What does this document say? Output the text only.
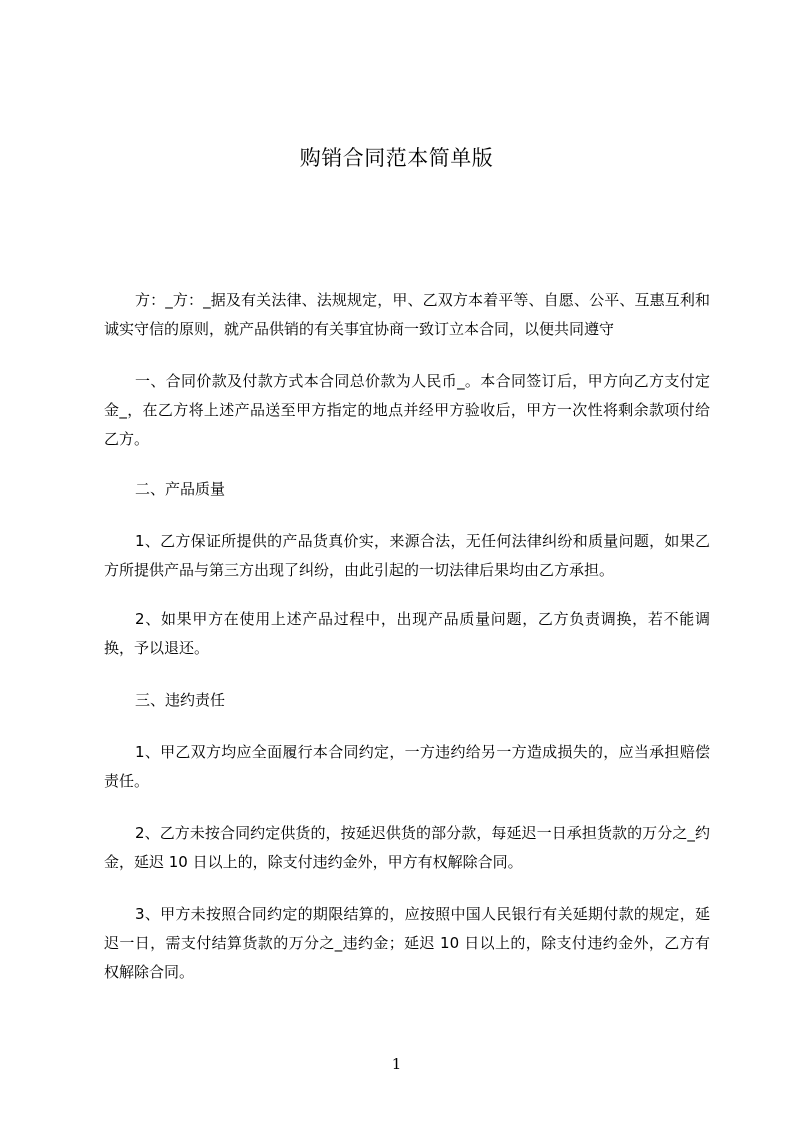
购销合同范本简单版

方：_方：_据及有关法律、法规规定，甲、乙双方本着平等、自愿、公平、互惠互利和诚实守信的原则，就产品供销的有关事宜协商一致订立本合同，以便共同遵守

一、合同价款及付款方式本合同总价款为人民币_。本合同签订后，甲方向乙方支付定金_，在乙方将上述产品送至甲方指定的地点并经甲方验收后，甲方一次性将剩余款项付给乙方。

二、产品质量

1、乙方保证所提供的产品货真价实，来源合法，无任何法律纠纷和质量问题，如果乙方所提供产品与第三方出现了纠纷，由此引起的一切法律后果均由乙方承担。

2、如果甲方在使用上述产品过程中，出现产品质量问题，乙方负责调换，若不能调换，予以退还。

三、违约责任

1、甲乙双方均应全面履行本合同约定，一方违约给另一方造成损失的，应当承担赔偿责任。

2、乙方未按合同约定供货的，按延迟供货的部分款，每延迟一日承担货款的万分之_约金，延迟 10 日以上的，除支付违约金外，甲方有权解除合同。

3、甲方未按照合同约定的期限结算的，应按照中国人民银行有关延期付款的规定，延迟一日，需支付结算货款的万分之_违约金；延迟 10 日以上的，除支付违约金外，乙方有权解除合同。

1
